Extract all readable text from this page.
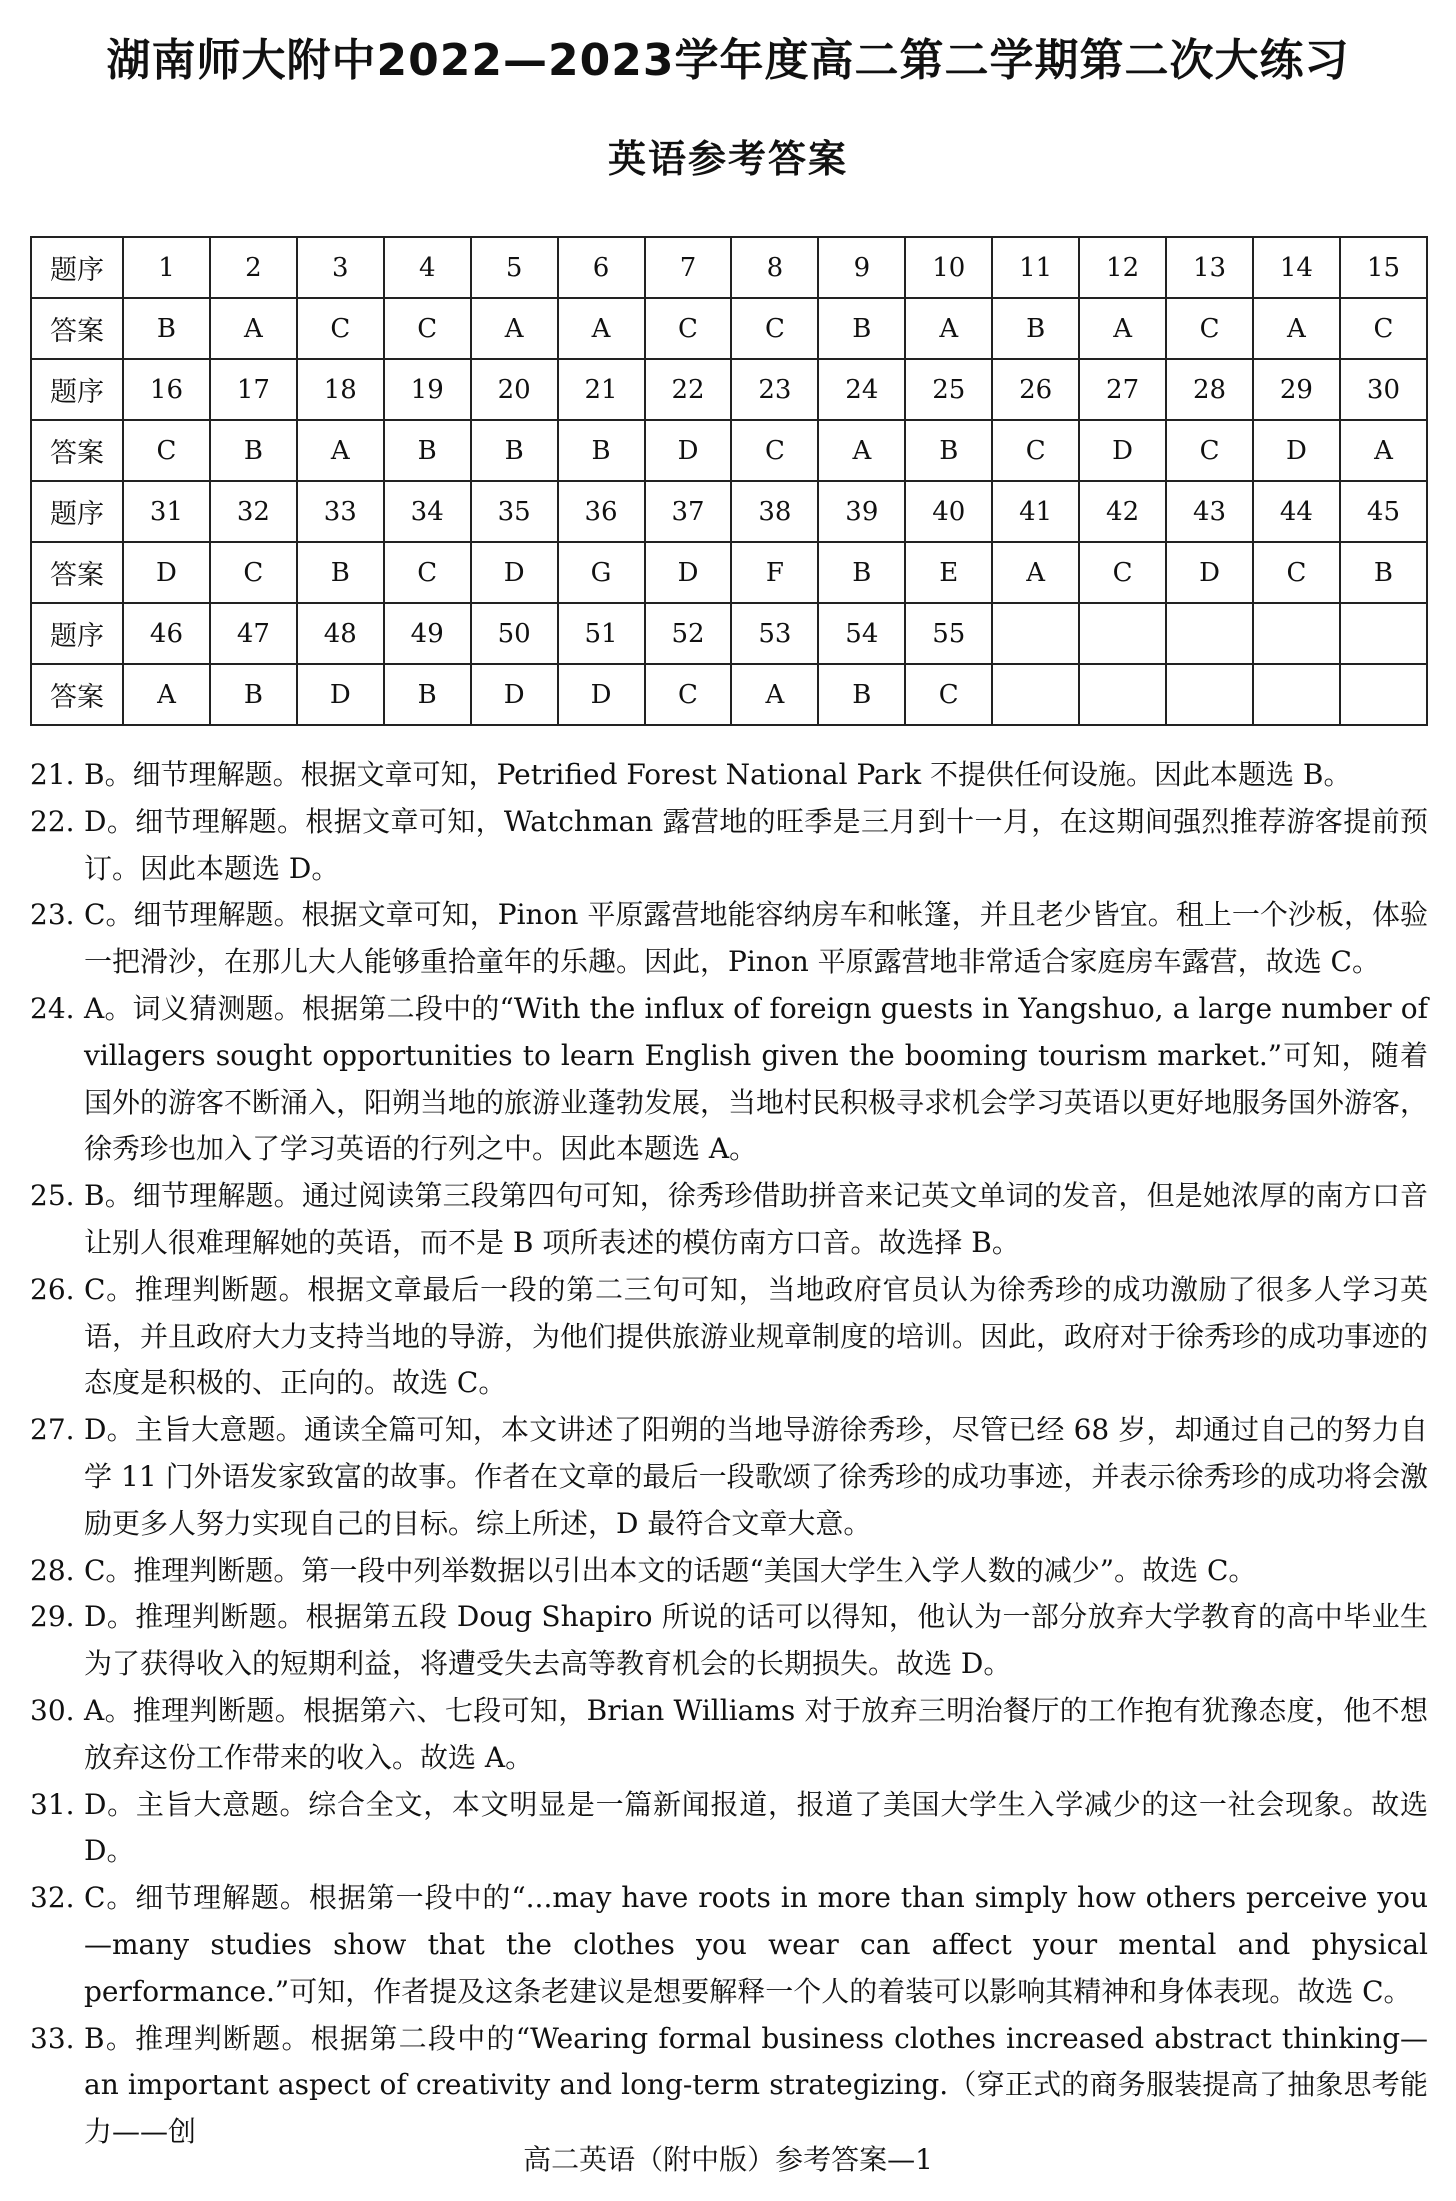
湖南师大附中2022—2023学年度高二第二学期第二次大练习
英语参考答案
题序	1	2	3	4	5	6	7	8	9	10	11	12	13	14	15
答案	B	A	C	C	A	A	C	C	B	A	B	A	C	A	C
题序	16	17	18	19	20	21	22	23	24	25	26	27	28	29	30
答案	C	B	A	B	B	B	D	C	A	B	C	D	C	D	A
题序	31	32	33	34	35	36	37	38	39	40	41	42	43	44	45
答案	D	C	B	C	D	G	D	F	B	E	A	C	D	C	B
题序	46	47	48	49	50	51	52	53	54	55					
答案	A	B	D	B	D	D	C	A	B	C					
21. B。细节理解题。根据文章可知，Petrified Forest National Park 不提供任何设施。因此本题选 B。
22. D。细节理解题。根据文章可知，Watchman 露营地的旺季是三月到十一月，在这期间强烈推荐游客提前预订。因此本题选 D。
23. C。细节理解题。根据文章可知，Pinon 平原露营地能容纳房车和帐篷，并且老少皆宜。租上一个沙板，体验一把滑沙，在那儿大人能够重拾童年的乐趣。因此，Pinon 平原露营地非常适合家庭房车露营，故选 C。
24. A。词义猜测题。根据第二段中的“With the influx of foreign guests in Yangshuo, a large number of villagers sought opportunities to learn English given the booming tourism market.”可知，随着国外的游客不断涌入，阳朔当地的旅游业蓬勃发展，当地村民积极寻求机会学习英语以更好地服务国外游客，徐秀珍也加入了学习英语的行列之中。因此本题选 A。
25. B。细节理解题。通过阅读第三段第四句可知，徐秀珍借助拼音来记英文单词的发音，但是她浓厚的南方口音让别人很难理解她的英语，而不是 B 项所表述的模仿南方口音。故选择 B。
26. C。推理判断题。根据文章最后一段的第二三句可知，当地政府官员认为徐秀珍的成功激励了很多人学习英语，并且政府大力支持当地的导游，为他们提供旅游业规章制度的培训。因此，政府对于徐秀珍的成功事迹的态度是积极的、正向的。故选 C。
27. D。主旨大意题。通读全篇可知，本文讲述了阳朔的当地导游徐秀珍，尽管已经 68 岁，却通过自己的努力自学 11 门外语发家致富的故事。作者在文章的最后一段歌颂了徐秀珍的成功事迹，并表示徐秀珍的成功将会激励更多人努力实现自己的目标。综上所述，D 最符合文章大意。
28. C。推理判断题。第一段中列举数据以引出本文的话题“美国大学生入学人数的减少”。故选 C。
29. D。推理判断题。根据第五段 Doug Shapiro 所说的话可以得知，他认为一部分放弃大学教育的高中毕业生为了获得收入的短期利益，将遭受失去高等教育机会的长期损失。故选 D。
30. A。推理判断题。根据第六、七段可知，Brian Williams 对于放弃三明治餐厅的工作抱有犹豫态度，他不想放弃这份工作带来的收入。故选 A。
31. D。主旨大意题。综合全文，本文明显是一篇新闻报道，报道了美国大学生入学减少的这一社会现象。故选 D。
32. C。细节理解题。根据第一段中的“...may have roots in more than simply how others perceive you—many studies show that the clothes you wear can affect your mental and physical performance.”可知，作者提及这条老建议是想要解释一个人的着装可以影响其精神和身体表现。故选 C。
33. B。推理判断题。根据第二段中的“Wearing formal business clothes increased abstract thinking—an important aspect of creativity and long-term strategizing.（穿正式的商务服装提高了抽象思考能力——创
高二英语（附中版）参考答案—1
